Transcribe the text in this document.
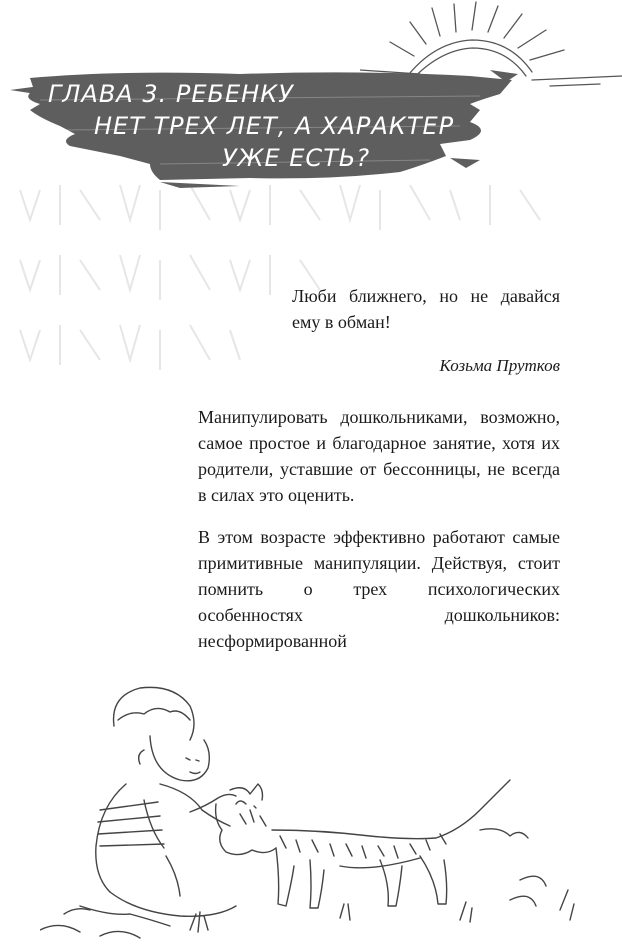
ГЛАВА 3. РЕБЕНКУ
НЕТ ТРЕХ ЛЕТ, А ХАРАКТЕР
УЖЕ ЕСТЬ?

Люби ближнего, но не давайся ему в обман!

Козьма Прутков

Манипулировать дошкольниками, возможно, самое простое и благодарное занятие, хотя их родители, уставшие от бессонницы, не всегда в силах это оценить.

В этом возрасте эффективно работают самые примитивные манипуляции. Действуя, стоит помнить о трех психологических особенностях дошкольников: несформированной
